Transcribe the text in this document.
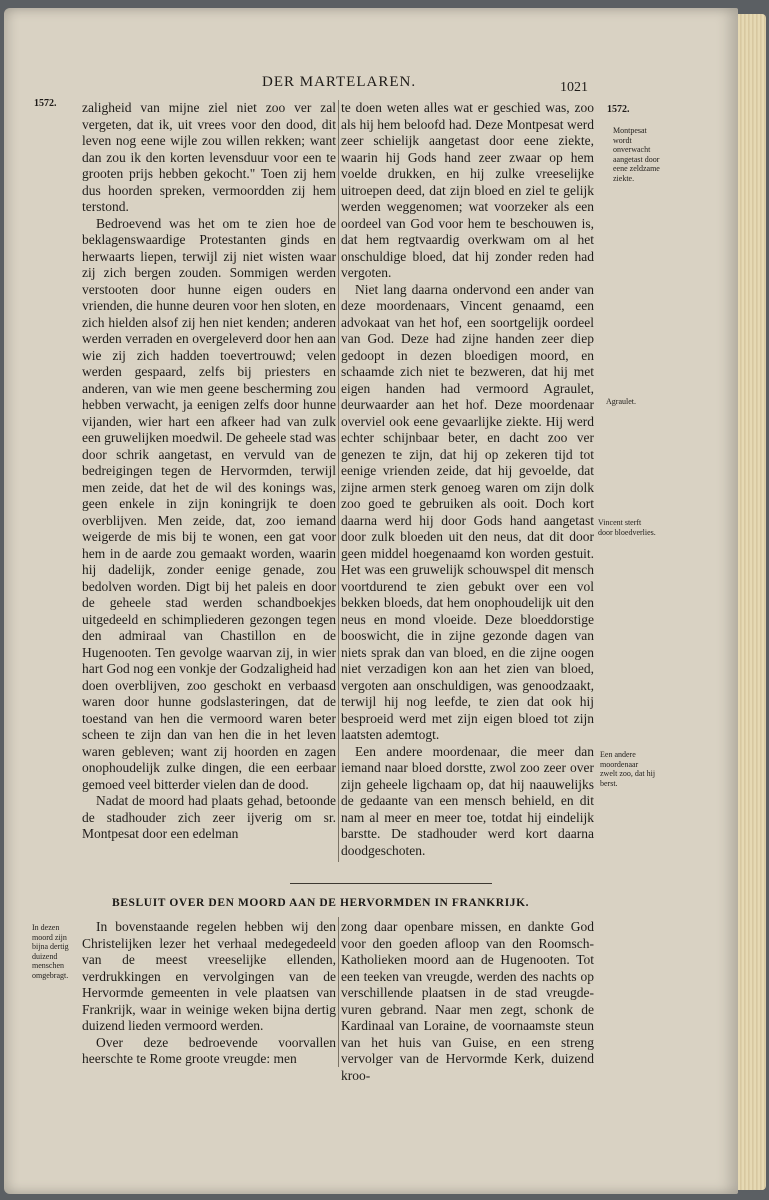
DER MARTELAREN.	1021
1572.
1572.

zaligheid van mijne ziel niet zoo ver zal vergeten, dat ik, uit vrees voor den dood, dit leven nog eene wijle zou willen rekken; want dan zou ik den korten levensduur voor een te grooten prijs hebben gekocht." Toen zij hem dus hoorden spreken, vermoordden zij hem terstond.

Bedroevend was het om te zien hoe de beklagenswaardige Protestanten ginds en herwaarts liepen, terwijl zij niet wisten waar zij zich bergen zouden. Sommigen werden verstooten door hunne eigen ouders en vrienden, die hunne deuren voor hen sloten, en zich hielden alsof zij hen niet kenden; anderen werden verraden en overgeleverd door hen aan wie zij zich hadden toevertrouwd; velen werden gespaard, zelfs bij priesters en anderen, van wie men geene bescherming zou hebben verwacht, ja eenigen zelfs door hunne vijanden, wier hart een afkeer had van zulk een gruwelijken moedwil. De geheele stad was door schrik aangetast, en vervuld van de bedreigingen tegen de Hervormden, terwijl men zeide, dat het de wil des konings was, geen enkele in zijn koningrijk te doen overblijven. Men zeide, dat, zoo iemand weigerde de mis bij te wonen, een gat voor hem in de aarde zou gemaakt worden, waarin hij dadelijk, zonder eenige genade, zou bedolven worden. Digt bij het paleis en door de geheele stad werden schandboekjes uitgedeeld en schimpliederen gezongen tegen den admiraal van Chastillon en de Hugenooten. Ten gevolge waarvan zij, in wier hart God nog een vonkje der Godzaligheid had doen overblijven, zoo geschokt en verbaasd waren door hunne godslasteringen, dat de toestand van hen die vermoord waren beter scheen te zijn dan van hen die in het leven waren gebleven; want zij hoorden en zagen onophoudelijk zulke dingen, die een eerbaar gemoed veel bitterder vielen dan de dood.

Nadat de moord had plaats gehad, betoonde de stadhouder zich zeer ijverig om sr. Montpesat door een edelman

te doen weten alles wat er geschied was, zoo als hij hem beloofd had. Deze Montpesat werd zeer schielijk aangetast door eene ziekte, waarin hij Gods hand zeer zwaar op hem voelde drukken, en hij zulke vreeselijke uitroepen deed, dat zijn bloed en ziel te gelijk werden weggenomen; wat voorzeker als een oordeel van God voor hem te beschouwen is, dat hem regtvaardig overkwam om al het onschuldige bloed, dat hij zonder reden had vergoten.

Niet lang daarna ondervond een ander van deze moordenaars, Vincent genaamd, een advokaat van het hof, een soortgelijk oordeel van God. Deze had zijne handen zeer diep gedoopt in dezen bloedigen moord, en schaamde zich niet te bezweren, dat hij met eigen handen had vermoord Agraulet, deurwaarder aan het hof. Deze moordenaar overviel ook eene gevaarlijke ziekte. Hij werd echter schijnbaar beter, en dacht zoo ver genezen te zijn, dat hij op zekeren tijd tot eenige vrienden zeide, dat hij gevoelde, dat zijne armen sterk genoeg waren om zijn dolk zoo goed te gebruiken als ooit. Doch kort daarna werd hij door Gods hand aangetast door zulk bloeden uit den neus, dat dit door geen middel hoegenaamd kon worden gestuit. Het was een gruwelijk schouwspel dit mensch voortdurend te zien gebukt over een vol bekken bloeds, dat hem onophoudelijk uit den neus en mond vloeide. Deze bloeddorstige booswicht, die in zijne gezonde dagen van niets sprak dan van bloed, en die zijne oogen niet verzadigen kon aan het zien van bloed, vergoten aan onschuldigen, was genoodzaakt, terwijl hij nog leefde, te zien dat ook hij besproeid werd met zijn eigen bloed tot zijn laatsten ademtogt.

Een andere moordenaar, die meer dan iemand naar bloed dorstte, zwol zoo zeer over zijn geheele ligchaam op, dat hij naauwelijks de gedaante van een mensch behield, en dit nam al meer en meer toe, totdat hij eindelijk barstte. De stadhouder werd kort daarna doodgeschoten.

Montpesat wordt onverwacht aangetast door eene zeldzame ziekte.
Agraulet.
Vincent sterft door bloedverlies.
Een andere moordenaar zwelt zoo, dat hij berst.
BESLUIT OVER DEN MOORD AAN DE HERVORMDEN IN FRANKRIJK.
In dezen moord zijn bijna dertig duizend menschen omgebragt.

In bovenstaande regelen hebben wij den Christelijken lezer het verhaal medegedeeld van de meest vreeselijke ellenden, verdrukkingen en vervolgingen van de Hervormde gemeenten in vele plaatsen van Frankrijk, waar in weinige weken bijna dertig duizend lieden vermoord werden.

Over deze bedroevende voorvallen heerschte te Rome groote vreugde: men

zong daar openbare missen, en dankte God voor den goeden afloop van den Roomsch-Katholieken moord aan de Hugenooten. Tot een teeken van vreugde, werden des nachts op verschillende plaatsen in de stad vreugde-vuren gebrand. Naar men zegt, schonk de Kardinaal van Loraine, de voornaamste steun van het huis van Guise, en een streng vervolger van de Hervormde Kerk, duizend kroo-
